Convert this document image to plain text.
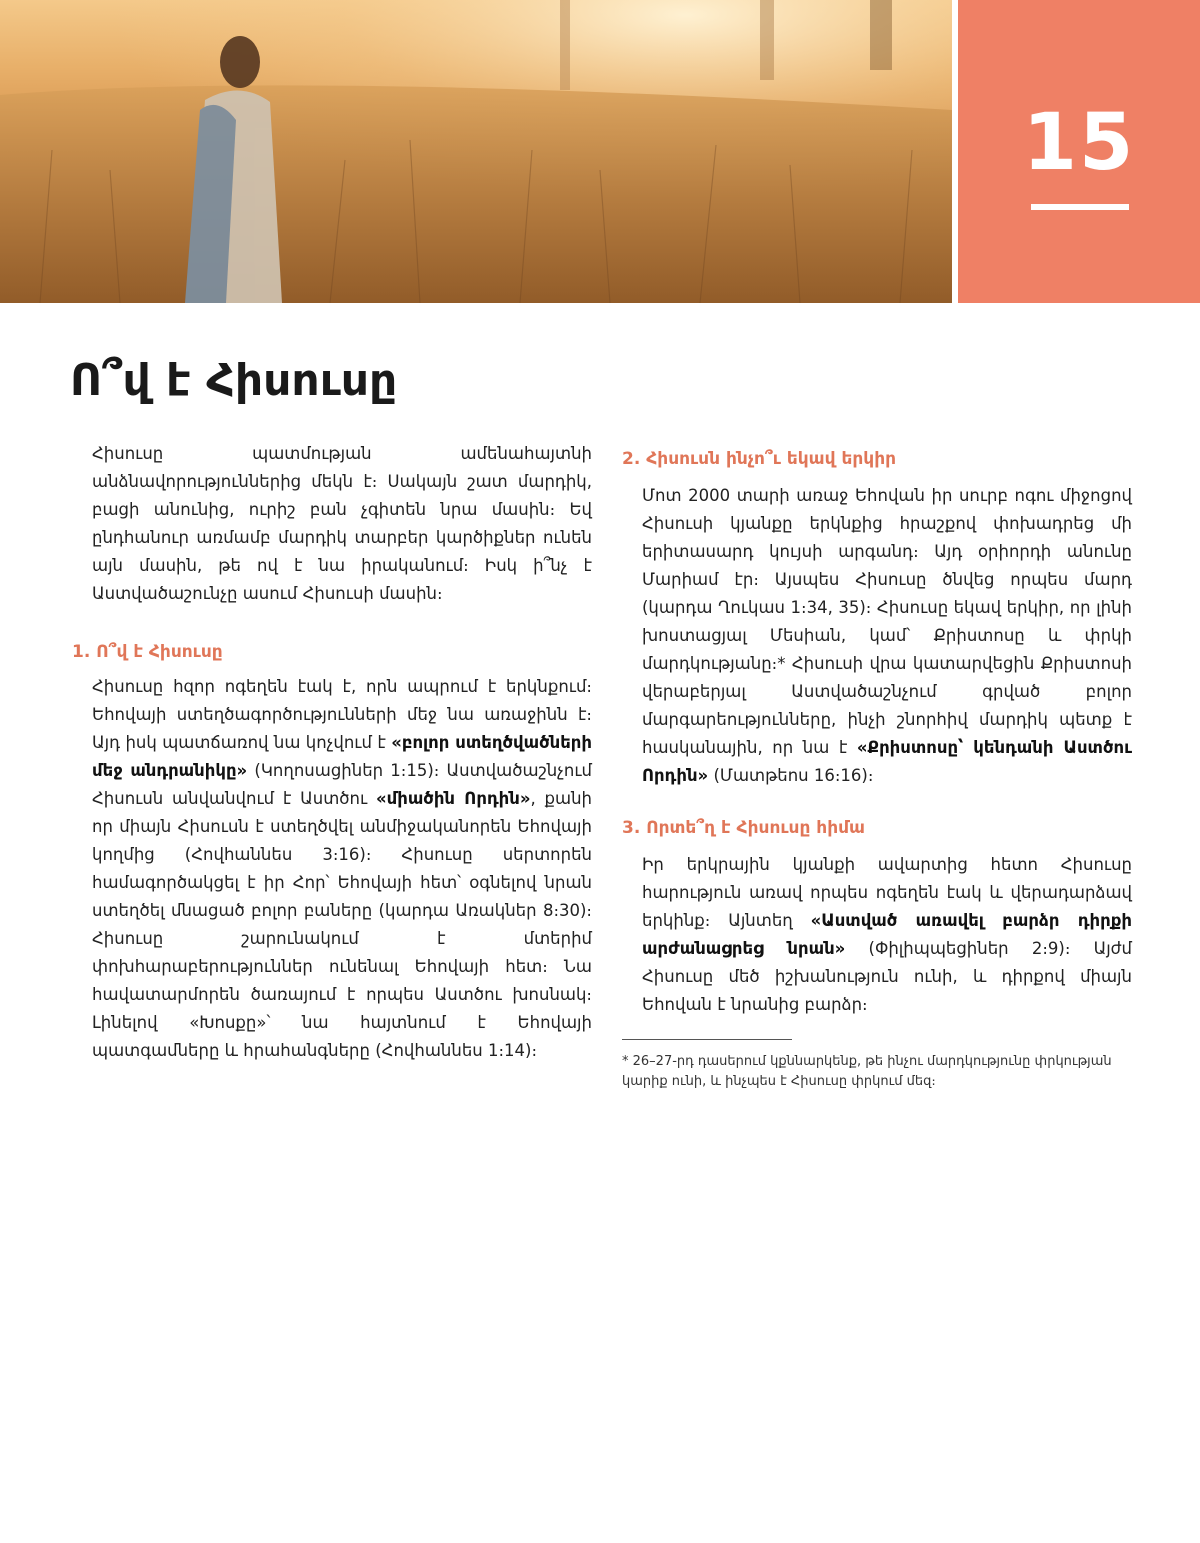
15
Ո՞վ է Հիսուսը

Հիսուսը պատմության ամենահայտնի անձնավորություններից մեկն է։ Սակայն շատ մարդիկ, բացի անունից, ուրիշ բան չգիտեն նրա մասին։ Եվ ընդհանուր առմամբ մարդիկ տարբեր կարծիքներ ունեն այն մասին, թե ով է նա իրականում։ Իսկ ի՞նչ է Աստվածաշունչը ասում Հիսուսի մասին։

1. Ո՞վ է Հիսուսը

Հիսուսը հզոր ոգեղեն էակ է, որն ապրում է երկնքում։ Եհովայի ստեղծագործությունների մեջ նա առաջինն է։ Այդ իսկ պատճառով նա կոչվում է «բոլոր ստեղծվածների մեջ անդրանիկը» (Կողոսացիներ 1։15)։ Աստվածաշնչում Հիսուսն անվանվում է Աստծու «միածին Որդին», քանի որ միայն Հիսուսն է ստեղծվել անմիջականորեն Եհովայի կողմից (Հովհաննես 3։16)։ Հիսուսը սերտորեն համագործակցել է իր Հոր՝ Եհովայի հետ՝ օգնելով նրան ստեղծել մնացած բոլոր բաները (կարդա Առակներ 8։30)։ Հիսուսը շարունակում է մտերիմ փոխհարաբերություններ ունենալ Եհովայի հետ։ Նա հավատարմորեն ծառայում է որպես Աստծու խոսնակ։ Լինելով «Խոսքը»՝ նա հայտնում է Եհովայի պատգամները և հրահանգները (Հովհաննես 1։14)։

2. Հիսուսն ինչո՞ւ եկավ երկիր

Մոտ 2000 տարի առաջ Եհովան իր սուրբ ոգու միջոցով Հիսուսի կյանքը երկնքից հրաշքով փոխադրեց մի երիտասարդ կույսի արգանդ։ Այդ օրիորդի անունը Մարիամ էր։ Այսպես Հիսուսը ծնվեց որպես մարդ (կարդա Ղուկաս 1։34, 35)։ Հիսուսը եկավ երկիր, որ լինի խոստացյալ Մեսիան, կամ՝ Քրիստոսը և փրկի մարդկությանը։* Հիսուսի վրա կատարվեցին Քրիստոսի վերաբերյալ Աստվածաշնչում գրված բոլոր մարգարեությունները, ինչի շնորհիվ մարդիկ պետք է հասկանային, որ նա է «Քրիստոսը՝ կենդանի Աստծու Որդին» (Մատթեոս 16։16)։

3. Որտե՞ղ է Հիսուսը հիմա

Իր երկրային կյանքի ավարտից հետո Հիսուսը հարություն առավ որպես ոգեղեն էակ և վերադարձավ երկինք։ Այնտեղ «Աստված առավել բարձր դիրքի արժանացրեց նրան» (Փիլիպպեցիներ 2։9)։ Այժմ Հիսուսը մեծ իշխանություն ունի, և դիրքով միայն Եհովան է նրանից բարձր։

* 26–27-րդ դասերում կքննարկենք, թե ինչու մարդկությունը փրկության կարիք ունի, և ինչպես է Հիսուսը փրկում մեզ։
